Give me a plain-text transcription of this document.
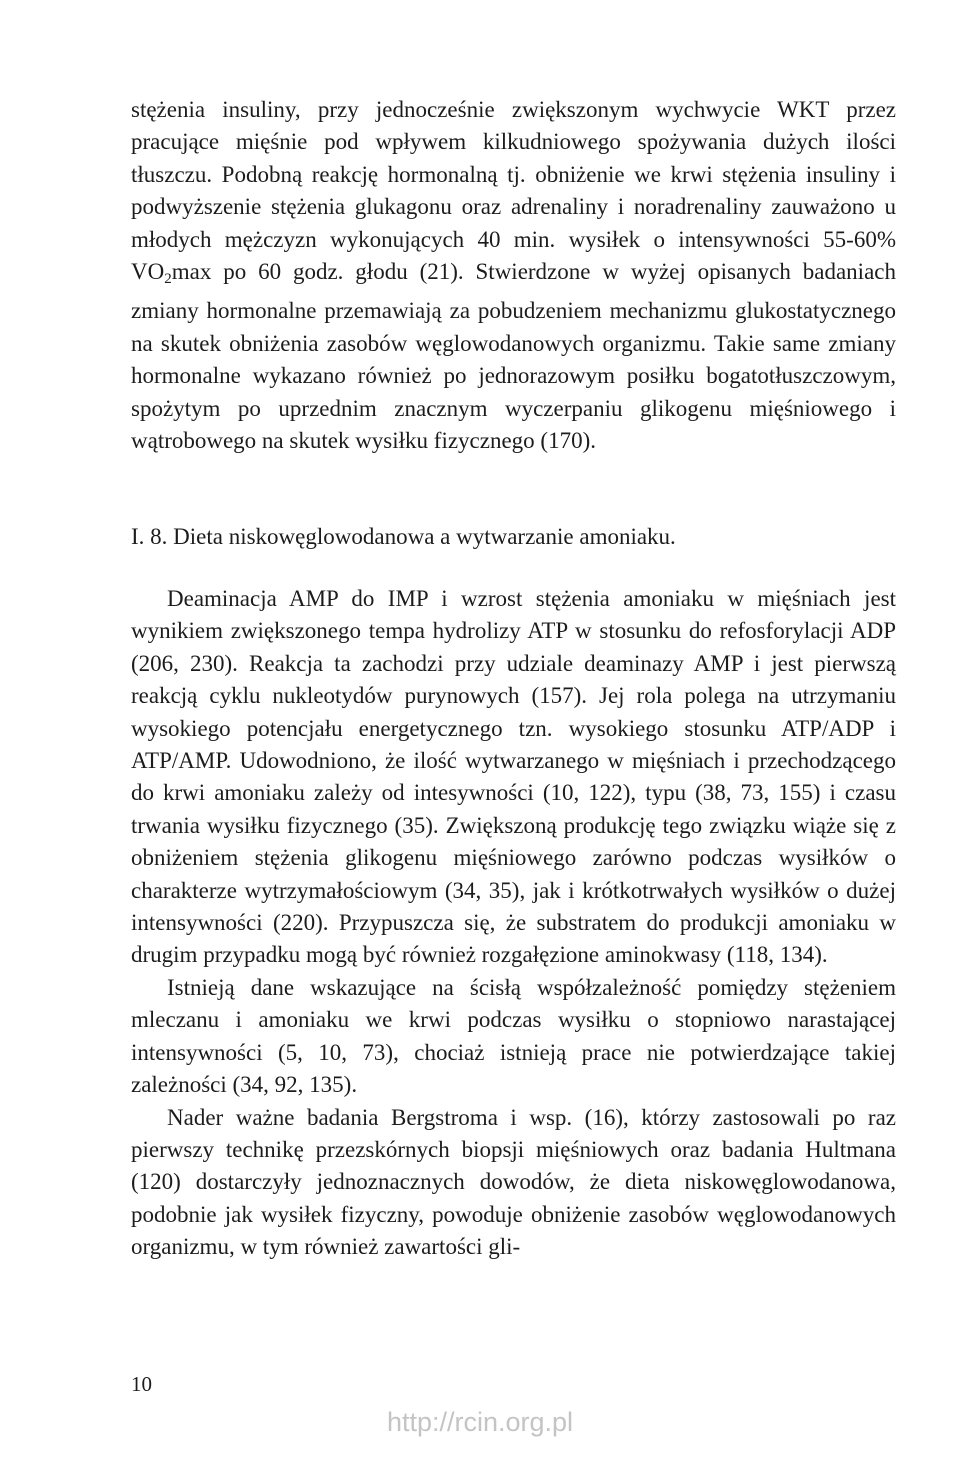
stężenia insuliny, przy jednocześnie zwiększonym wychwycie WKT przez pracujące mięśnie pod wpływem kilkudniowego spożywania dużych ilości tłuszczu. Podobną reakcję hormonalną tj. obniżenie we krwi stężenia insuliny i podwyższenie stężenia glukagonu oraz adrenaliny i noradrenaliny zauważono u młodych mężczyzn wykonujących 40 min. wysiłek o intensywności 55-60% $VO_2\max$ po 60 godz. głodu (21). Stwierdzone w wyżej opisanych badaniach zmiany hormonalne przemawiają za pobudzeniem mechanizmu glukostatycznego na skutek obniżenia zasobów węglowodanowych organizmu. Takie same zmiany hormonalne wykazano również po jednorazowym posiłku bogatotłuszczowym, spożytym po uprzednim znacznym wyczerpaniu glikogenu mięśniowego i wątrobowego na skutek wysiłku fizycznego (170).

I. 8. Dieta niskowęglowodanowa a wytwarzanie amoniaku.

Deaminacja AMP do IMP i wzrost stężenia amoniaku w mięśniach jest wynikiem zwiększonego tempa hydrolizy ATP w stosunku do refosforylacji ADP (206, 230). Reakcja ta zachodzi przy udziale deaminazy AMP i jest pierwszą reakcją cyklu nukleotydów purynowych (157). Jej rola polega na utrzymaniu wysokiego potencjału energetycznego tzn. wysokiego stosunku ATP/ADP i ATP/AMP. Udowodniono, że ilość wytwarzanego w mięśniach i przechodzącego do krwi amoniaku zależy od intesywności (10, 122), typu (38, 73, 155) i czasu trwania wysiłku fizycznego (35). Zwiększoną produkcję tego związku wiąże się z obniżeniem stężenia glikogenu mięśniowego zarówno podczas wysiłków o charakterze wytrzymałościowym (34, 35), jak i krótkotrwałych wysiłków o dużej intensywności (220). Przypuszcza się, że substratem do produkcji amoniaku w drugim przypadku mogą być również rozgałęzione aminokwasy (118, 134).

Istnieją dane wskazujące na ścisłą współzależność pomiędzy stężeniem mleczanu i amoniaku we krwi podczas wysiłku o stopniowo narastającej intensywności (5, 10, 73), chociaż istnieją prace nie potwierdzające takiej zależności (34, 92, 135).

Nader ważne badania Bergstroma i wsp. (16), którzy zastosowali po raz pierwszy technikę przezskórnych biopsji mięśniowych oraz badania Hultmana (120) dostarczyły jednoznacznych dowodów, że dieta niskowęglowodanowa, podobnie jak wysiłek fizyczny, powoduje obniżenie zasobów węglowodanowych organizmu, w tym również zawartości gli-

10
http://rcin.org.pl
